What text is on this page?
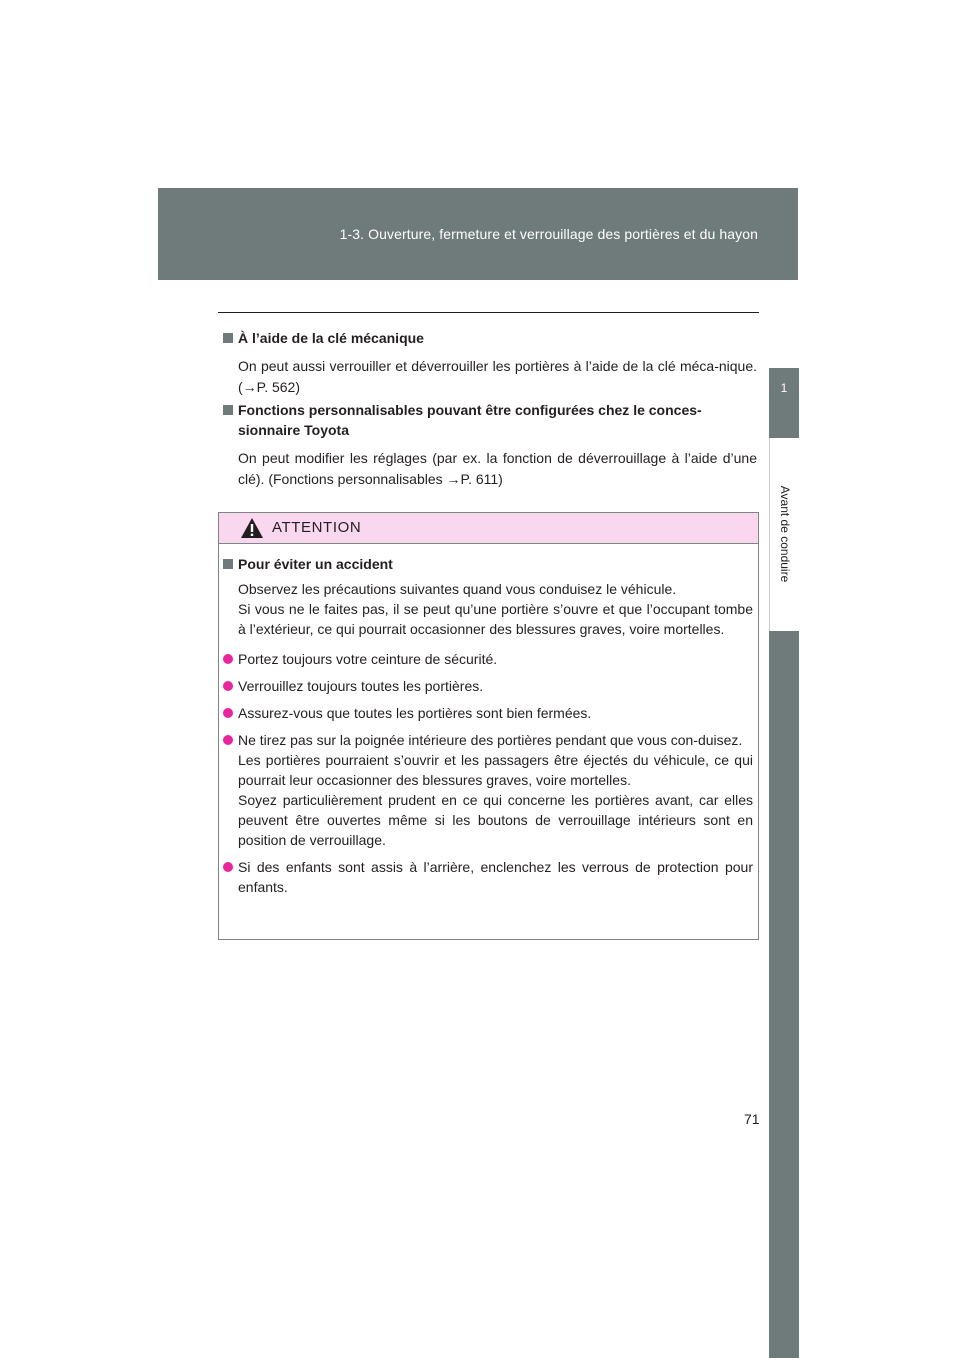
1-3. Ouverture, fermeture et verrouillage des portières et du hayon
1
Avant de conduire
À l’aide de la clé mécanique
On peut aussi verrouiller et déverrouiller les portières à l’aide de la clé méca-nique. (→P. 562)
Fonctions personnalisables pouvant être configurées chez le conces-sionnaire Toyota
On peut modifier les réglages (par ex. la fonction de déverrouillage à l’aide d’une clé). (Fonctions personnalisables →P. 611)
ATTENTION
Pour éviter un accident
Observez les précautions suivantes quand vous conduisez le véhicule.
Si vous ne le faites pas, il se peut qu’une portière s’ouvre et que l’occupant tombe à l’extérieur, ce qui pourrait occasionner des blessures graves, voire mortelles.
Portez toujours votre ceinture de sécurité.
Verrouillez toujours toutes les portières.
Assurez-vous que toutes les portières sont bien fermées.
Ne tirez pas sur la poignée intérieure des portières pendant que vous con-duisez.
Les portières pourraient s’ouvrir et les passagers être éjectés du véhicule, ce qui pourrait leur occasionner des blessures graves, voire mortelles.
Soyez particulièrement prudent en ce qui concerne les portières avant, car elles peuvent être ouvertes même si les boutons de verrouillage intérieurs sont en position de verrouillage.
Si des enfants sont assis à l’arrière, enclenchez les verrous de protection pour enfants.
71
